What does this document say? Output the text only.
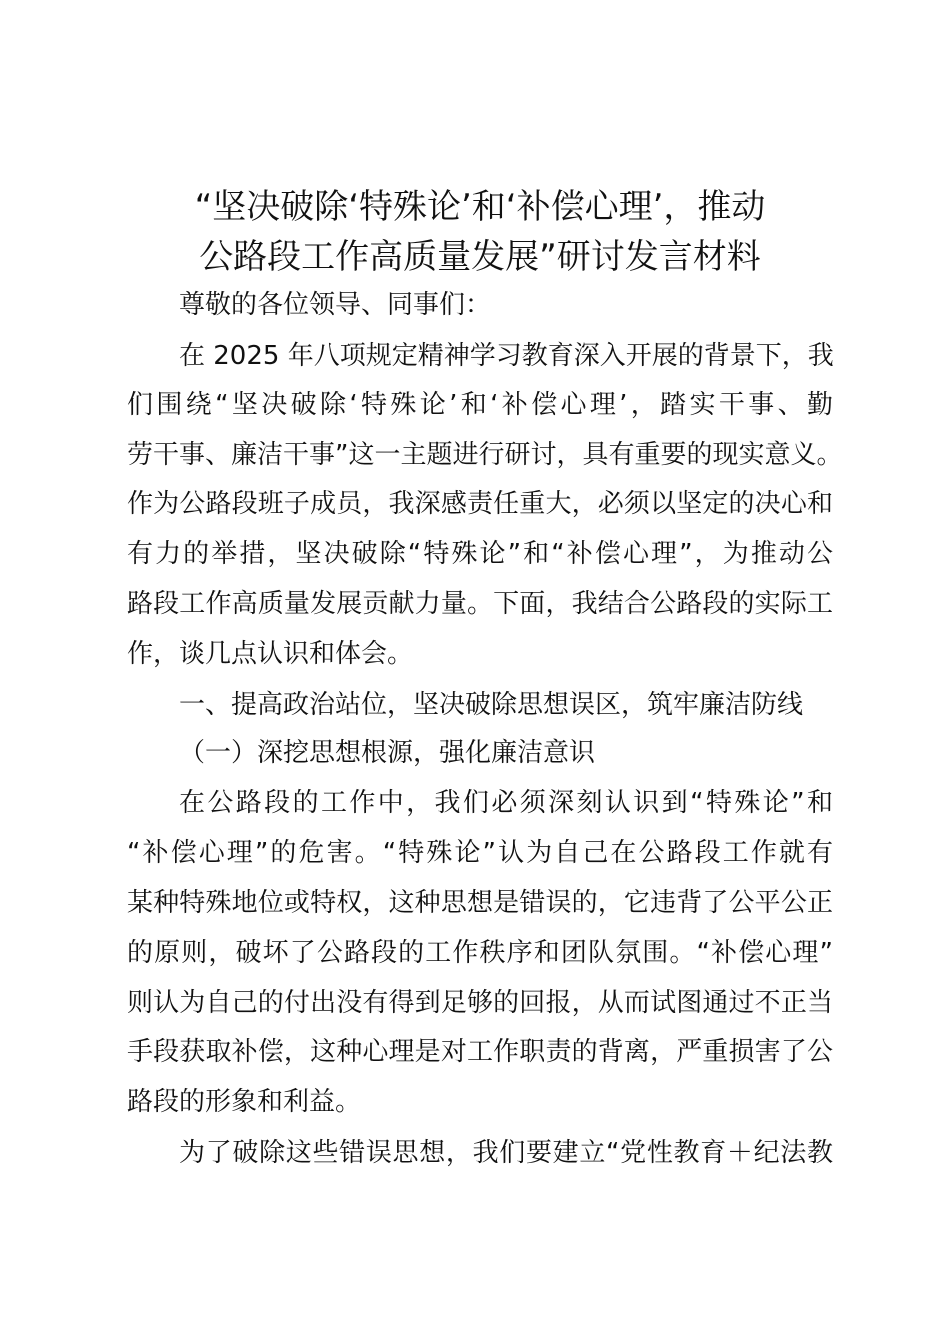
“坚决破除‘特殊论’和‘补偿心理’，推动
公路段工作高质量发展”研讨发言材料

尊敬的各位领导、同事们：

在 2025 年八项规定精神学习教育深入开展的背景下，我

们围绕“坚决破除‘特殊论’和‘补偿心理’，踏实干事、勤

劳干事、廉洁干事”这一主题进行研讨，具有重要的现实意义。

作为公路段班子成员，我深感责任重大，必须以坚定的决心和

有力的举措，坚决破除“特殊论”和“补偿心理”，为推动公

路段工作高质量发展贡献力量。下面，我结合公路段的实际工

作，谈几点认识和体会。

一、提高政治站位，坚决破除思想误区，筑牢廉洁防线

（一）深挖思想根源，强化廉洁意识

在公路段的工作中，我们必须深刻认识到“特殊论”和

“补偿心理”的危害。“特殊论”认为自己在公路段工作就有

某种特殊地位或特权，这种思想是错误的，它违背了公平公正

的原则，破坏了公路段的工作秩序和团队氛围。“补偿心理”

则认为自己的付出没有得到足够的回报，从而试图通过不正当

手段获取补偿，这种心理是对工作职责的背离，严重损害了公

路段的形象和利益。

为了破除这些错误思想，我们要建立“党性教育＋纪法教
